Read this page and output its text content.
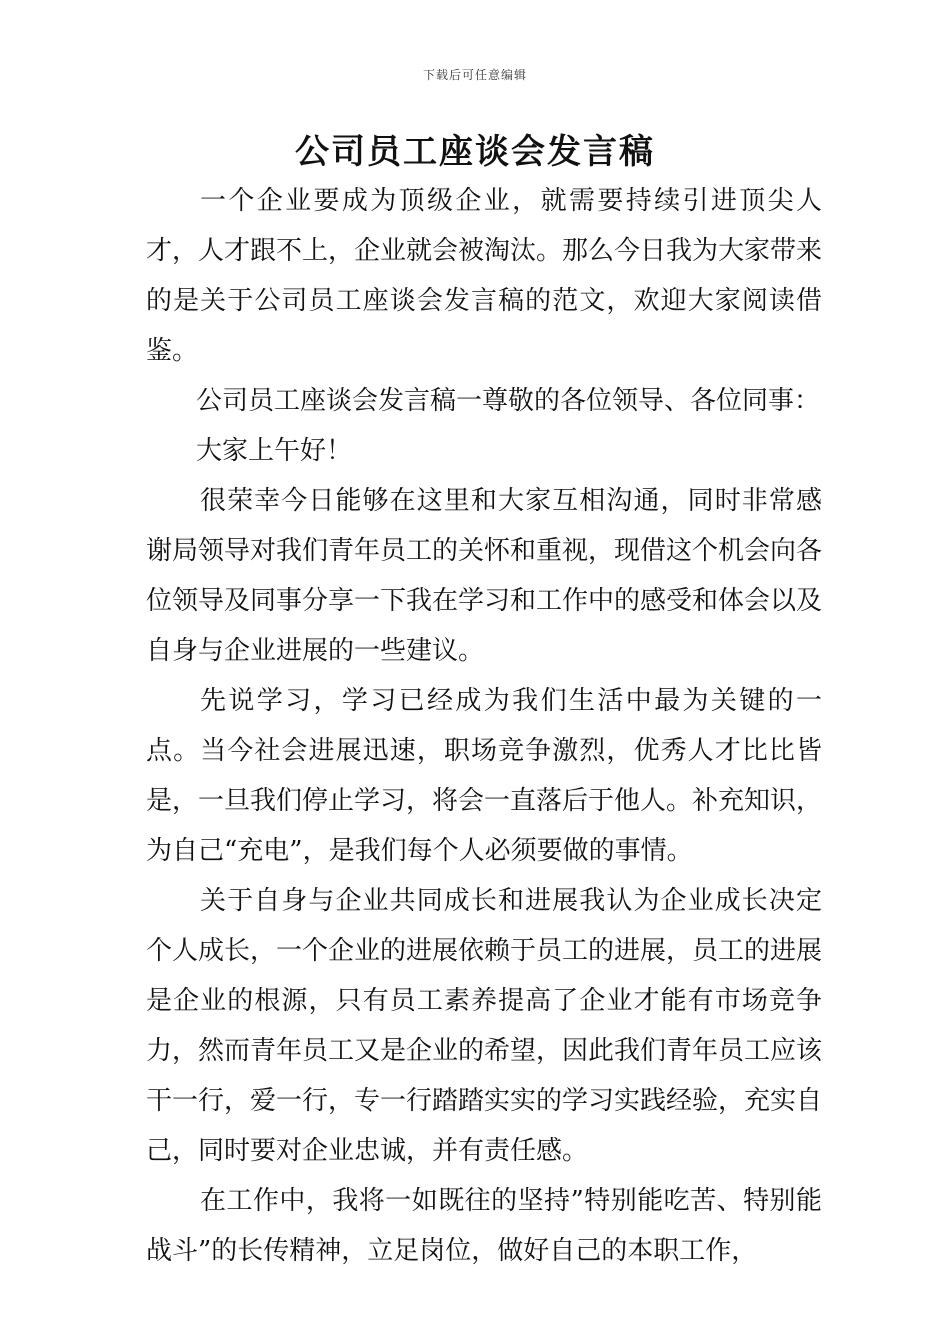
下载后可任意编辑
公司员工座谈会发言稿

一个企业要成为顶级企业，就需要持续引进顶尖人才，人才跟不上，企业就会被淘汰。那么今日我为大家带来的是关于公司员工座谈会发言稿的范文，欢迎大家阅读借鉴。

公司员工座谈会发言稿一尊敬的各位领导、各位同事：

大家上午好！

很荣幸今日能够在这里和大家互相沟通，同时非常感谢局领导对我们青年员工的关怀和重视，现借这个机会向各位领导及同事分享一下我在学习和工作中的感受和体会以及自身与企业进展的一些建议。

先说学习，学习已经成为我们生活中最为关键的一点。当今社会进展迅速，职场竞争激烈，优秀人才比比皆是，一旦我们停止学习，将会一直落后于他人。补充知识，为自己“充电”，是我们每个人必须要做的事情。

关于自身与企业共同成长和进展我认为企业成长决定个人成长，一个企业的进展依赖于员工的进展，员工的进展是企业的根源，只有员工素养提高了企业才能有市场竞争力，然而青年员工又是企业的希望，因此我们青年员工应该干一行，爱一行，专一行踏踏实实的学习实践经验，充实自己，同时要对企业忠诚，并有责任感。

在工作中，我将一如既往的坚持”特别能吃苦、特别能战斗”的长传精神，立足岗位，做好自己的本职工作，
